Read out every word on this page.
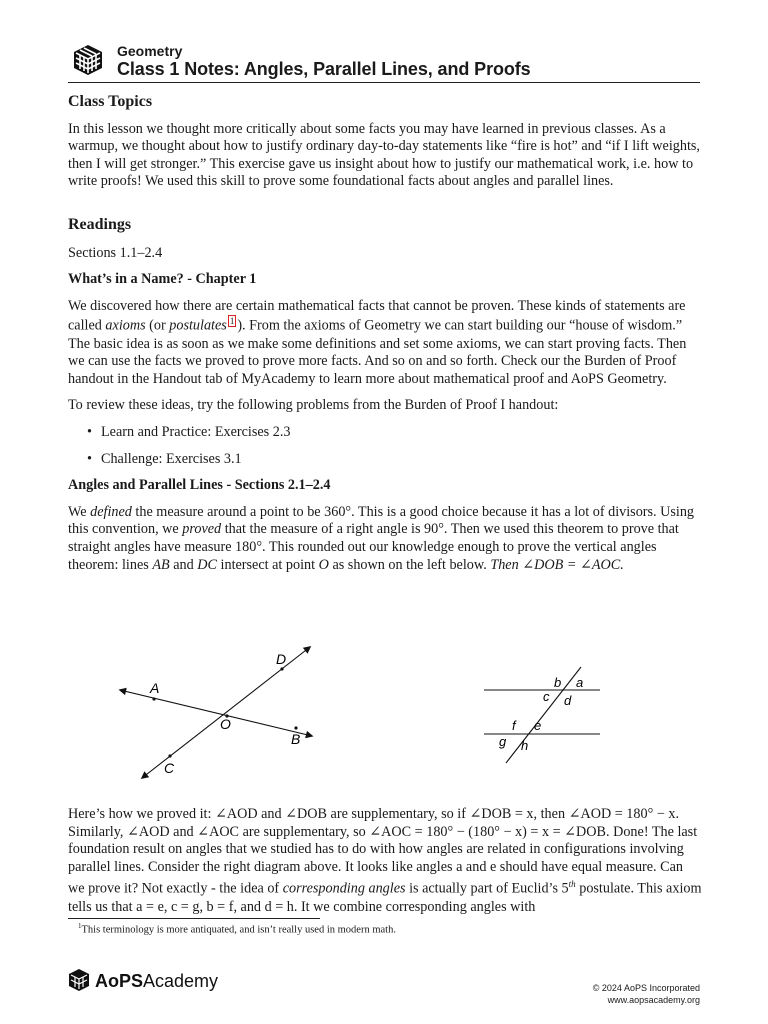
Geometry
Class 1 Notes: Angles, Parallel Lines, and Proofs
Class Topics

In this lesson we thought more critically about some facts you may have learned in previous classes. As a warmup, we thought about how to justify ordinary day-to-day statements like “fire is hot” and “if I lift weights, then I will get stronger.” This exercise gave us insight about how to justify our mathematical work, i.e. how to write proofs! We used this skill to prove some foundational facts about angles and parallel lines.

Readings

Sections 1.1–2.4

What’s in a Name? - Chapter 1

We discovered how there are certain mathematical facts that cannot be proven. These kinds of statements are called axioms (or postulates 1 ). From the axioms of Geometry we can start building our “house of wisdom.” The basic idea is as soon as we make some definitions and set some axioms, we can start proving facts. Then we can use the facts we proved to prove more facts. And so on and so forth. Check our the Burden of Proof handout in the Handout tab of MyAcademy to learn more about mathematical proof and AoPS Geometry.

To review these ideas, try the following problems from the Burden of Proof I handout:

• Learn and Practice: Exercises 2.3
• Challenge: Exercises 3.1

Angles and Parallel Lines - Sections 2.1–2.4

We defined the measure around a point to be 360°. This is a good choice because it has a lot of divisors. Using this convention, we proved that the measure of a right angle is 90°. Then we used this theorem to prove that straight angles have measure 180°. This rounded out our knowledge enough to prove the vertical angles theorem: lines AB and DC intersect at point O as shown on the left below. Then ∠DOB = ∠AOC.

A
O
B
C
D
b a
c d
f e
g h

Here’s how we proved it: ∠AOD and ∠DOB are supplementary, so if ∠DOB = x, then ∠AOD = 180° − x. Similarly, ∠AOD and ∠AOC are supplementary, so ∠AOC = 180° − (180° − x) = x = ∠DOB. Done! The last foundation result on angles that we studied has to do with how angles are related in configurations involving parallel lines. Consider the right diagram above. It looks like angles a and e should have equal measure. Can we prove it? Not exactly - the idea of corresponding angles is actually part of Euclid’s 5th postulate. This axiom tells us that a = e, c = g, b = f, and d = h. It we combine corresponding angles with

$^1$This terminology is more antiquated, and isn’t really used in modern math.
AoPS Academy	© 2024 AoPS Incorporated
www.aopsacademy.org
